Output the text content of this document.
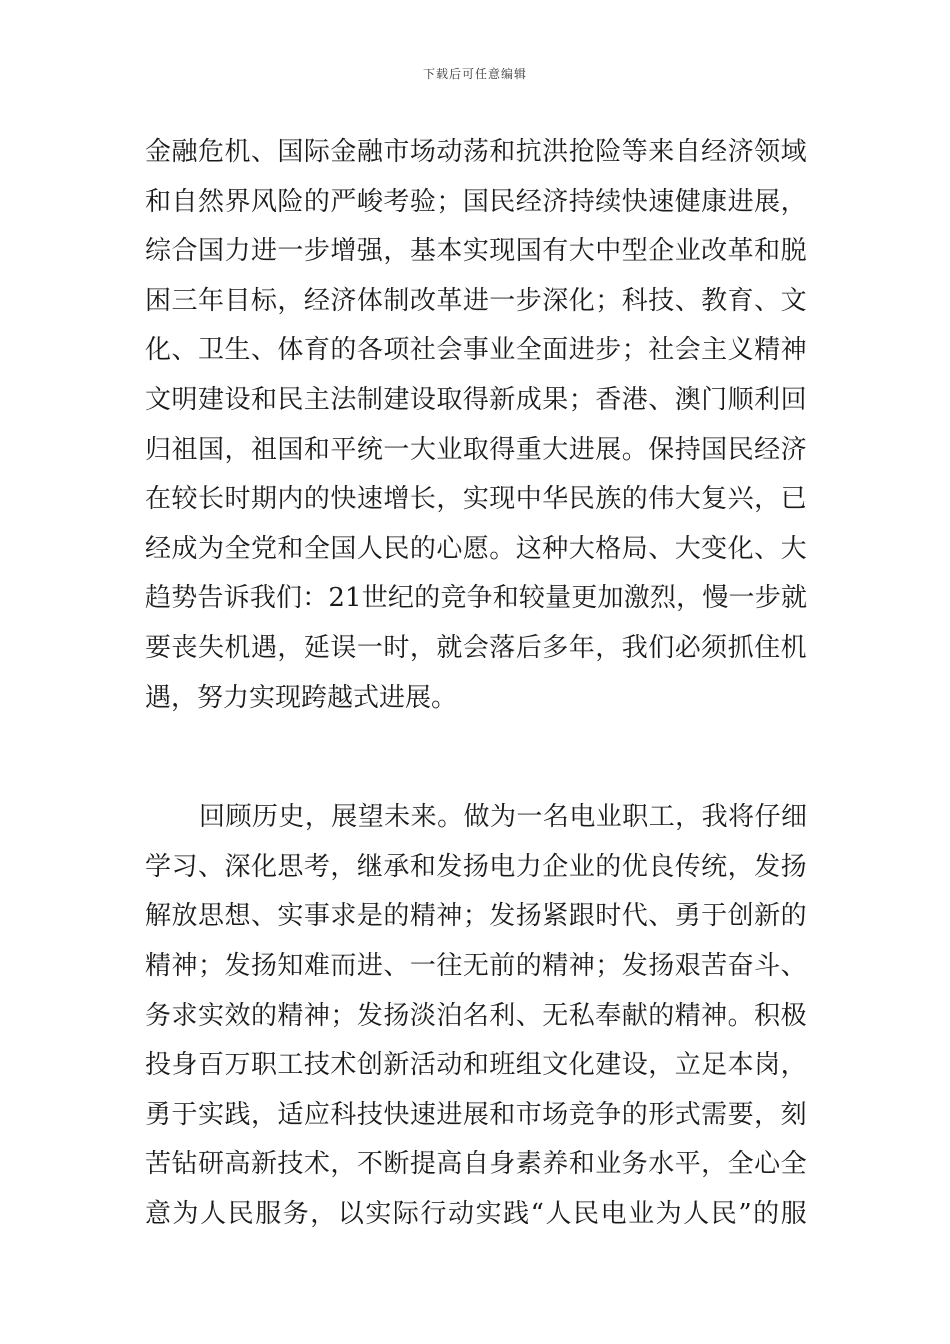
下载后可任意编辑
金 融 危 机 、 国 际 金 融 市 场 动 荡 和 抗 洪 抢 险 等 来 自 经 济 领 域
和 自 然 界 风 险 的 严 峻 考 验 ； 国 民 经 济 持 续 快 速 健 康 进 展 ，
综 合 国 力 进 一 步 增 强 ， 基 本 实 现 国 有 大 中 型 企 业 改 革 和 脱
困 三 年 目 标 ， 经 济 体 制 改 革 进 一 步 深 化 ； 科 技 、 教 育 、 文
化 、 卫 生 、 体 育 的 各 项 社 会 事 业 全 面 进 步 ； 社 会 主 义 精 神
文 明 建 设 和 民 主 法 制 建 设 取 得 新 成 果 ； 香 港 、 澳 门 顺 利 回
归 祖 国 ， 祖 国 和 平 统 一 大 业 取 得 重 大 进 展 。 保 持 国 民 经 济
在 较 长 时 期 内 的 快 速 增 长 ， 实 现 中 华 民 族 的 伟 大 复 兴 ， 已
经 成 为 全 党 和 全 国 人 民 的 心 愿 。 这 种 大 格 局 、 大 变 化 、 大
趋 势 告 诉 我 们 ： 21 世 纪 的 竞 争 和 较 量 更 加 激 烈 ， 慢 一 步 就
要 丧 失 机 遇 ， 延 误 一 时 ， 就 会 落 后 多 年 ， 我 们 必 须 抓 住 机
遇，努力实现跨越式进展。
回 顾 历 史 ， 展 望 未 来 。 做 为 一 名 电 业 职 工 ， 我 将 仔 细
学 习 、 深 化 思 考 ， 继 承 和 发 扬 电 力 企 业 的 优 良 传 统 ， 发 扬
解 放 思 想 、 实 事 求 是 的 精 神 ； 发 扬 紧 跟 时 代 、 勇 于 创 新 的
精 神 ； 发 扬 知 难 而 进 、 一 往 无 前 的 精 神 ； 发 扬 艰 苦 奋 斗 、
务 求 实 效 的 精 神 ； 发 扬 淡 泊 名 利 、 无 私 奉 献 的 精 神 。 积 极
投 身 百 万 职 工 技 术 创 新 活 动 和 班 组 文 化 建 设 ， 立 足 本 岗 ，
勇 于 实 践 ， 适 应 科 技 快 速 进 展 和 市 场 竞 争 的 形 式 需 要 ， 刻
苦 钻 研 高 新 技 术 ， 不 断 提 高 自 身 素 养 和 业 务 水 平 ， 全 心 全
意 为 人 民 服 务 ， 以 实 际 行 动 实 践 “ 人 民 电 业 为 人 民 ” 的 服
